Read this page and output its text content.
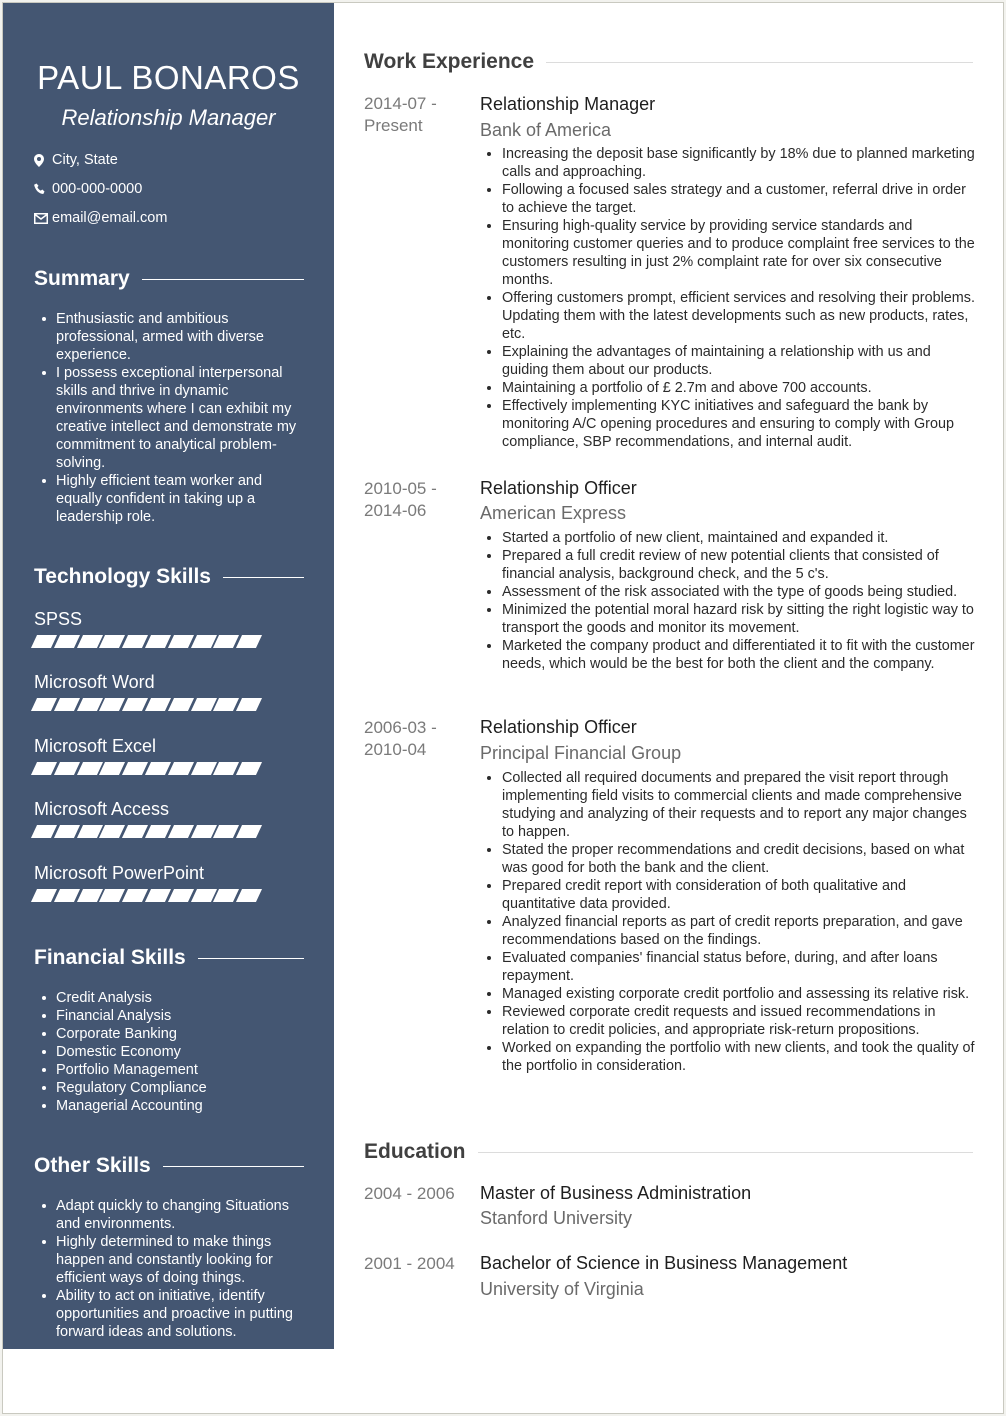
PAUL BONAROS
Relationship Manager
City, State
000-000-0000
email@email.com
Summary
Enthusiastic and ambitious professional, armed with diverse experience.
I possess exceptional interpersonal skills and thrive in dynamic environments where I can exhibit my creative intellect and demonstrate my commitment to analytical problem-solving.
Highly efficient team worker and equally confident in taking up a leadership role.
Technology Skills
SPSS
Microsoft Word
Microsoft Excel
Microsoft Access
Microsoft PowerPoint
Financial Skills
Credit Analysis
Financial Analysis
Corporate Banking
Domestic Economy
Portfolio Management
Regulatory Compliance
Managerial Accounting
Other Skills
Adapt quickly to changing Situations and environments.
Highly determined to make things happen and constantly looking for efficient ways of doing things.
Ability to act on initiative, identify opportunities and proactive in putting forward ideas and solutions.
Work Experience
2014-07 -
Present
Relationship Manager
Bank of America
Increasing the deposit base significantly by 18% due to planned marketing calls and approaching.
Following a focused sales strategy and a customer, referral drive in order to achieve the target.
Ensuring high-quality service by providing service standards and monitoring customer queries and to produce complaint free services to the customers resulting in just 2% complaint rate for over six consecutive months.
Offering customers prompt, efficient services and resolving their problems. Updating them with the latest developments such as new products, rates, etc.
Explaining the advantages of maintaining a relationship with us and guiding them about our products.
Maintaining a portfolio of £ 2.7m and above 700 accounts.
Effectively implementing KYC initiatives and safeguard the bank by monitoring A/C opening procedures and ensuring to comply with Group compliance, SBP recommendations, and internal audit.
2010-05 -
2014-06
Relationship Officer
American Express
Started a portfolio of new client, maintained and expanded it.
Prepared a full credit review of new potential clients that consisted of financial analysis, background check, and the 5 c's.
Assessment of the risk associated with the type of goods being studied.
Minimized the potential moral hazard risk by sitting the right logistic way to transport the goods and monitor its movement.
Marketed the company product and differentiated it to fit with the customer needs, which would be the best for both the client and the company.
2006-03 -
2010-04
Relationship Officer
Principal Financial Group
Collected all required documents and prepared the visit report through implementing field visits to commercial clients and made comprehensive studying and analyzing of their requests and to report any major changes to happen.
Stated the proper recommendations and credit decisions, based on what was good for both the bank and the client.
Prepared credit report with consideration of both qualitative and quantitative data provided.
Analyzed financial reports as part of credit reports preparation, and gave recommendations based on the findings.
Evaluated companies' financial status before, during, and after loans repayment.
Managed existing corporate credit portfolio and assessing its relative risk.
Reviewed corporate credit requests and issued recommendations in relation to credit policies, and appropriate risk-return propositions.
Worked on expanding the portfolio with new clients, and took the quality of the portfolio in consideration.
Education
2004 - 2006 Master of Business Administration
Stanford University
2001 - 2004 Bachelor of Science in Business Management
University of Virginia
